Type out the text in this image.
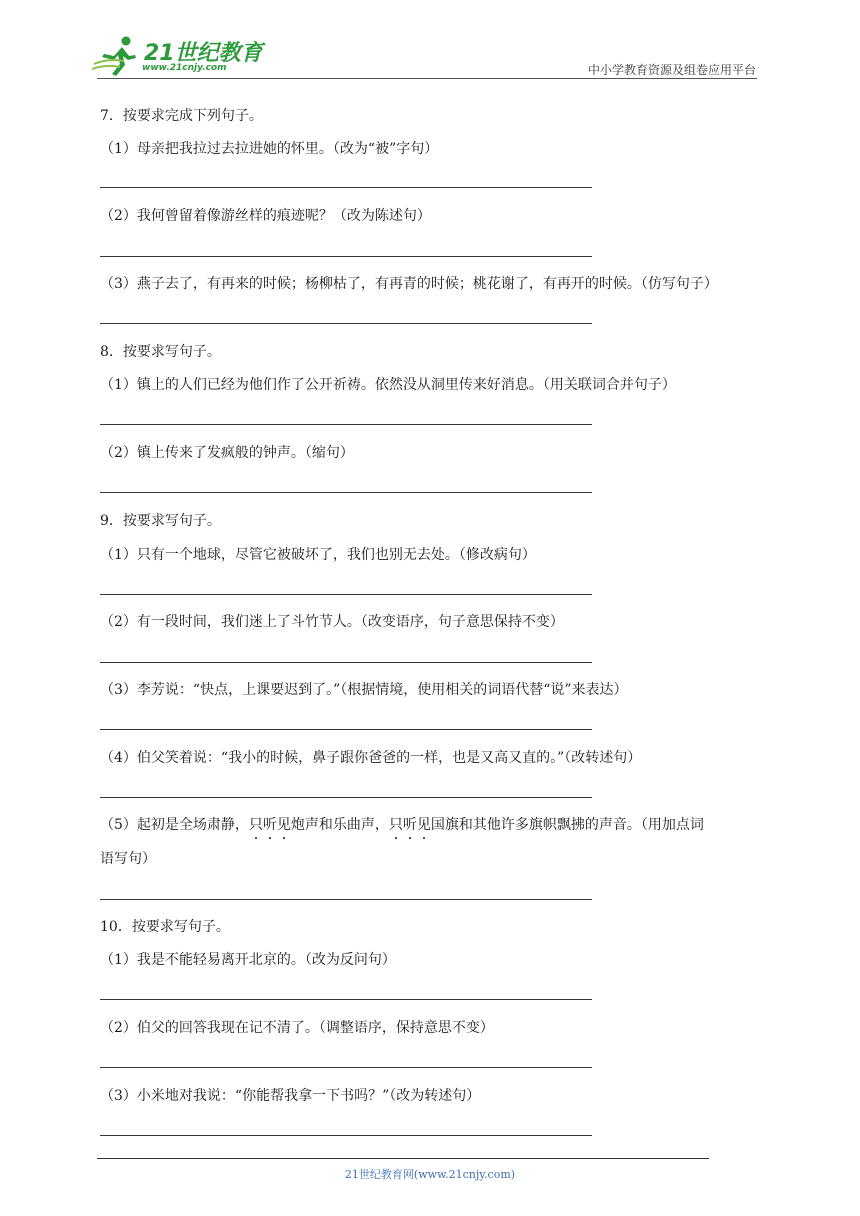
21世纪教育
www.21cnjy.com	中小学教育资源及组卷应用平台
7．按要求完成下列句子。
（1）母亲把我拉过去拉进她的怀里。（改为“被”字句）
（2）我何曾留着像游丝样的痕迹呢？（改为陈述句）
（3）燕子去了，有再来的时候；杨柳枯了，有再青的时候；桃花谢了，有再开的时候。（仿写句子）
8．按要求写句子。
（1）镇上的人们已经为他们作了公开祈祷。依然没从洞里传来好消息。（用关联词合并句子）
（2）镇上传来了发疯般的钟声。（缩句）
9．按要求写句子。
（1）只有一个地球，尽管它被破坏了，我们也别无去处。（修改病句）
（2）有一段时间，我们迷上了斗竹节人。（改变语序，句子意思保持不变）
（3）李芳说：“快点，上课要迟到了。”（根据情境，使用相关的词语代替“说”来表达）
（4）伯父笑着说：“我小的时候，鼻子跟你爸爸的一样，也是又高又直的。”（改转述句）
（5）起初是全场肃静，只听见炮声和乐曲声，只听见国旗和其他许多旗帜飘拂的声音。（用加点词
语写句）
10．按要求写句子。
（1）我是不能轻易离开北京的。（改为反问句）
（2）伯父的回答我现在记不清了。（调整语序，保持意思不变）
（3）小米地对我说：“你能帮我拿一下书吗？”（改为转述句）
21世纪教育网(www.21cnjy.com)
